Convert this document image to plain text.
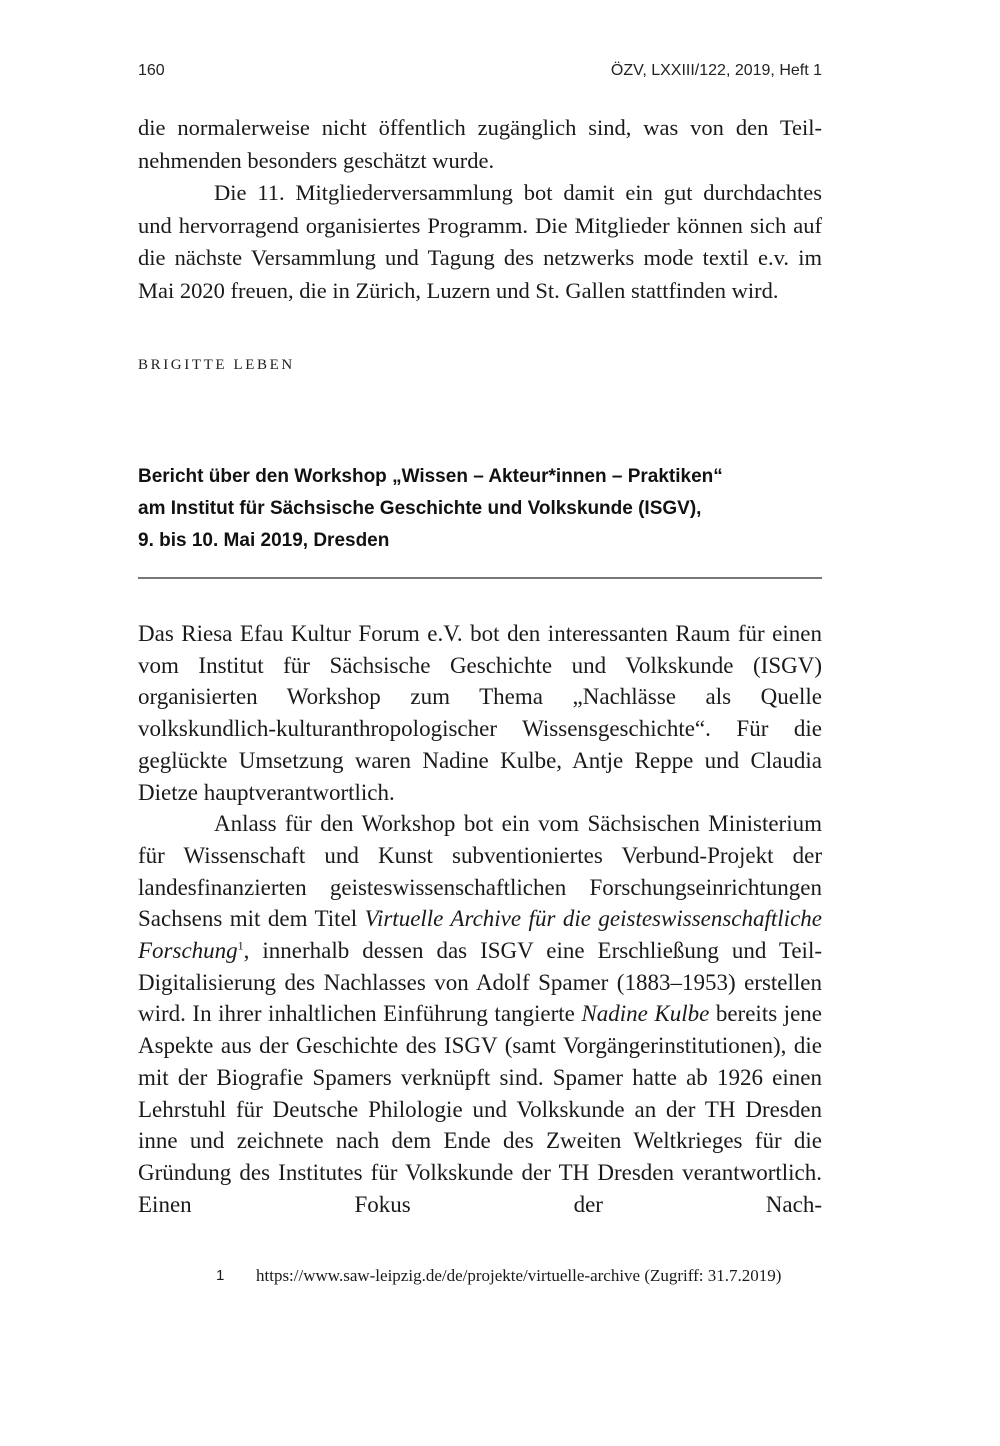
160	ÖZV, LXXIII/122, 2019, Heft 1

die normalerweise nicht öffentlich zugänglich sind, was von den Teilnehmenden besonders geschätzt wurde.

Die 11. Mitgliederversammlung bot damit ein gut durchdachtes und hervorragend organisiertes Programm. Die Mitglieder können sich auf die nächste Versammlung und Tagung des netzwerks mode textil e.v. im Mai 2020 freuen, die in Zürich, Luzern und St. Gallen stattfinden wird.

BRIGITTE LEBEN
Bericht über den Workshop „Wissen – Akteur*innen – Praktiken“
am Institut für Sächsische Geschichte und Volkskunde (ISGV),
9. bis 10. Mai 2019, Dresden

Das Riesa Efau Kultur Forum e.V. bot den interessanten Raum für einen vom Institut für Sächsische Geschichte und Volkskunde (ISGV) organisierten Workshop zum Thema „Nachlässe als Quelle volkskundlich-kulturanthropologischer Wissensgeschichte“. Für die geglückte Umsetzung waren Nadine Kulbe, Antje Reppe und Claudia Dietze hauptverantwortlich.

Anlass für den Workshop bot ein vom Sächsischen Ministerium für Wissenschaft und Kunst subventioniertes Verbund-Projekt der landesfinanzierten geisteswissenschaftlichen Forschungseinrichtungen Sachsens mit dem Titel Virtuelle Archive für die geisteswissenschaftliche Forschung$^1$, innerhalb dessen das ISGV eine Erschließung und Teil-Digitalisierung des Nachlasses von Adolf Spamer (1883–1953) erstellen wird. In ihrer inhaltlichen Einführung tangierte Nadine Kulbe bereits jene Aspekte aus der Geschichte des ISGV (samt Vorgängerinstitutionen), die mit der Biografie Spamers verknüpft sind. Spamer hatte ab 1926 einen Lehrstuhl für Deutsche Philologie und Volkskunde an der TH Dresden inne und zeichnete nach dem Ende des Zweiten Weltkrieges für die Gründung des Institutes für Volkskunde der TH Dresden verantwortlich. Einen Fokus der Nach-

1	https://www.saw-leipzig.de/de/projekte/virtuelle-archive (Zugriff: 31.7.2019)
